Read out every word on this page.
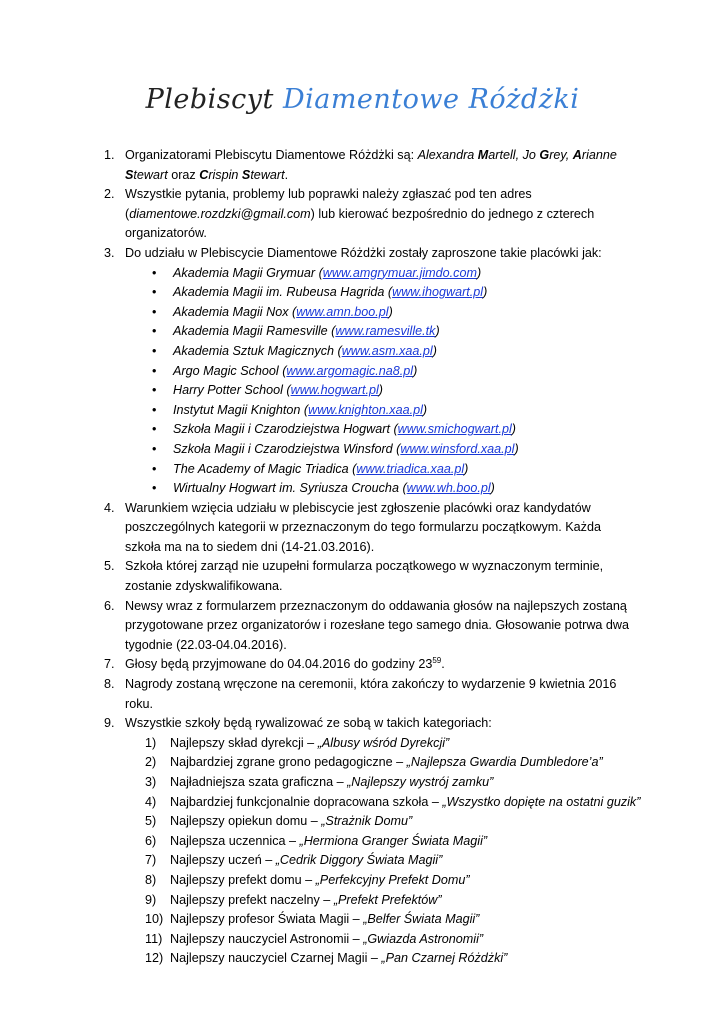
Plebiscyt Diamentowe Różdżki
1. Organizatorami Plebiscytu Diamentowe Różdżki są: Alexandra Martell, Jo Grey, Arianne Stewart oraz Crispin Stewart.
2. Wszystkie pytania, problemy lub poprawki należy zgłaszać pod ten adres (diamentowe.rozdzki@gmail.com) lub kierować bezpośrednio do jednego z czterech organizatorów.
3. Do udziału w Plebiscycie Diamentowe Różdżki zostały zaproszone takie placówki jak:
• Akademia Magii Grymuar (www.amgrymuar.jimdo.com)
• Akademia Magii im. Rubeusa Hagrida (www.ihogwart.pl)
• Akademia Magii Nox (www.amn.boo.pl)
• Akademia Magii Ramesville (www.ramesville.tk)
• Akademia Sztuk Magicznych (www.asm.xaa.pl)
• Argo Magic School (www.argomagic.na8.pl)
• Harry Potter School (www.hogwart.pl)
• Instytut Magii Knighton (www.knighton.xaa.pl)
• Szkoła Magii i Czarodziejstwa Hogwart (www.smichogwart.pl)
• Szkoła Magii i Czarodziejstwa Winsford (www.winsford.xaa.pl)
• The Academy of Magic Triadica (www.triadica.xaa.pl)
• Wirtualny Hogwart im. Syriusza Croucha (www.wh.boo.pl)
4. Warunkiem wzięcia udziału w plebiscycie jest zgłoszenie placówki oraz kandydatów poszczególnych kategorii w przeznaczonym do tego formularzu początkowym. Każda szkoła ma na to siedem dni (14-21.03.2016).
5. Szkoła której zarząd nie uzupełni formularza początkowego w wyznaczonym terminie, zostanie zdyskwalifikowana.
6. Newsy wraz z formularzem przeznaczonym do oddawania głosów na najlepszych zostaną przygotowane przez organizatorów i rozesłane tego samego dnia. Głosowanie potrwa dwa tygodnie (22.03-04.04.2016).
7. Głosy będą przyjmowane do 04.04.2016 do godziny $23^{59}$.
8. Nagrody zostaną wręczone na ceremonii, która zakończy to wydarzenie 9 kwietnia 2016 roku.
9. Wszystkie szkoły będą rywalizować ze sobą w takich kategoriach:
1) Najlepszy skład dyrekcji – „Albusy wśród Dyrekcji”
2) Najbardziej zgrane grono pedagogiczne – „Najlepsza Gwardia Dumbledore’a”
3) Najładniejsza szata graficzna – „Najlepszy wystrój zamku”
4) Najbardziej funkcjonalnie dopracowana szkoła – „Wszystko dopięte na ostatni guzik”
5) Najlepszy opiekun domu – „Strażnik Domu”
6) Najlepsza uczennica – „Hermiona Granger Świata Magii”
7) Najlepszy uczeń – „Cedrik Diggory Świata Magii”
8) Najlepszy prefekt domu – „Perfekcyjny Prefekt Domu”
9) Najlepszy prefekt naczelny – „Prefekt Prefektów”
10) Najlepszy profesor Świata Magii – „Belfer Świata Magii”
11) Najlepszy nauczyciel Astronomii – „Gwiazda Astronomii”
12) Najlepszy nauczyciel Czarnej Magii – „Pan Czarnej Różdżki”
